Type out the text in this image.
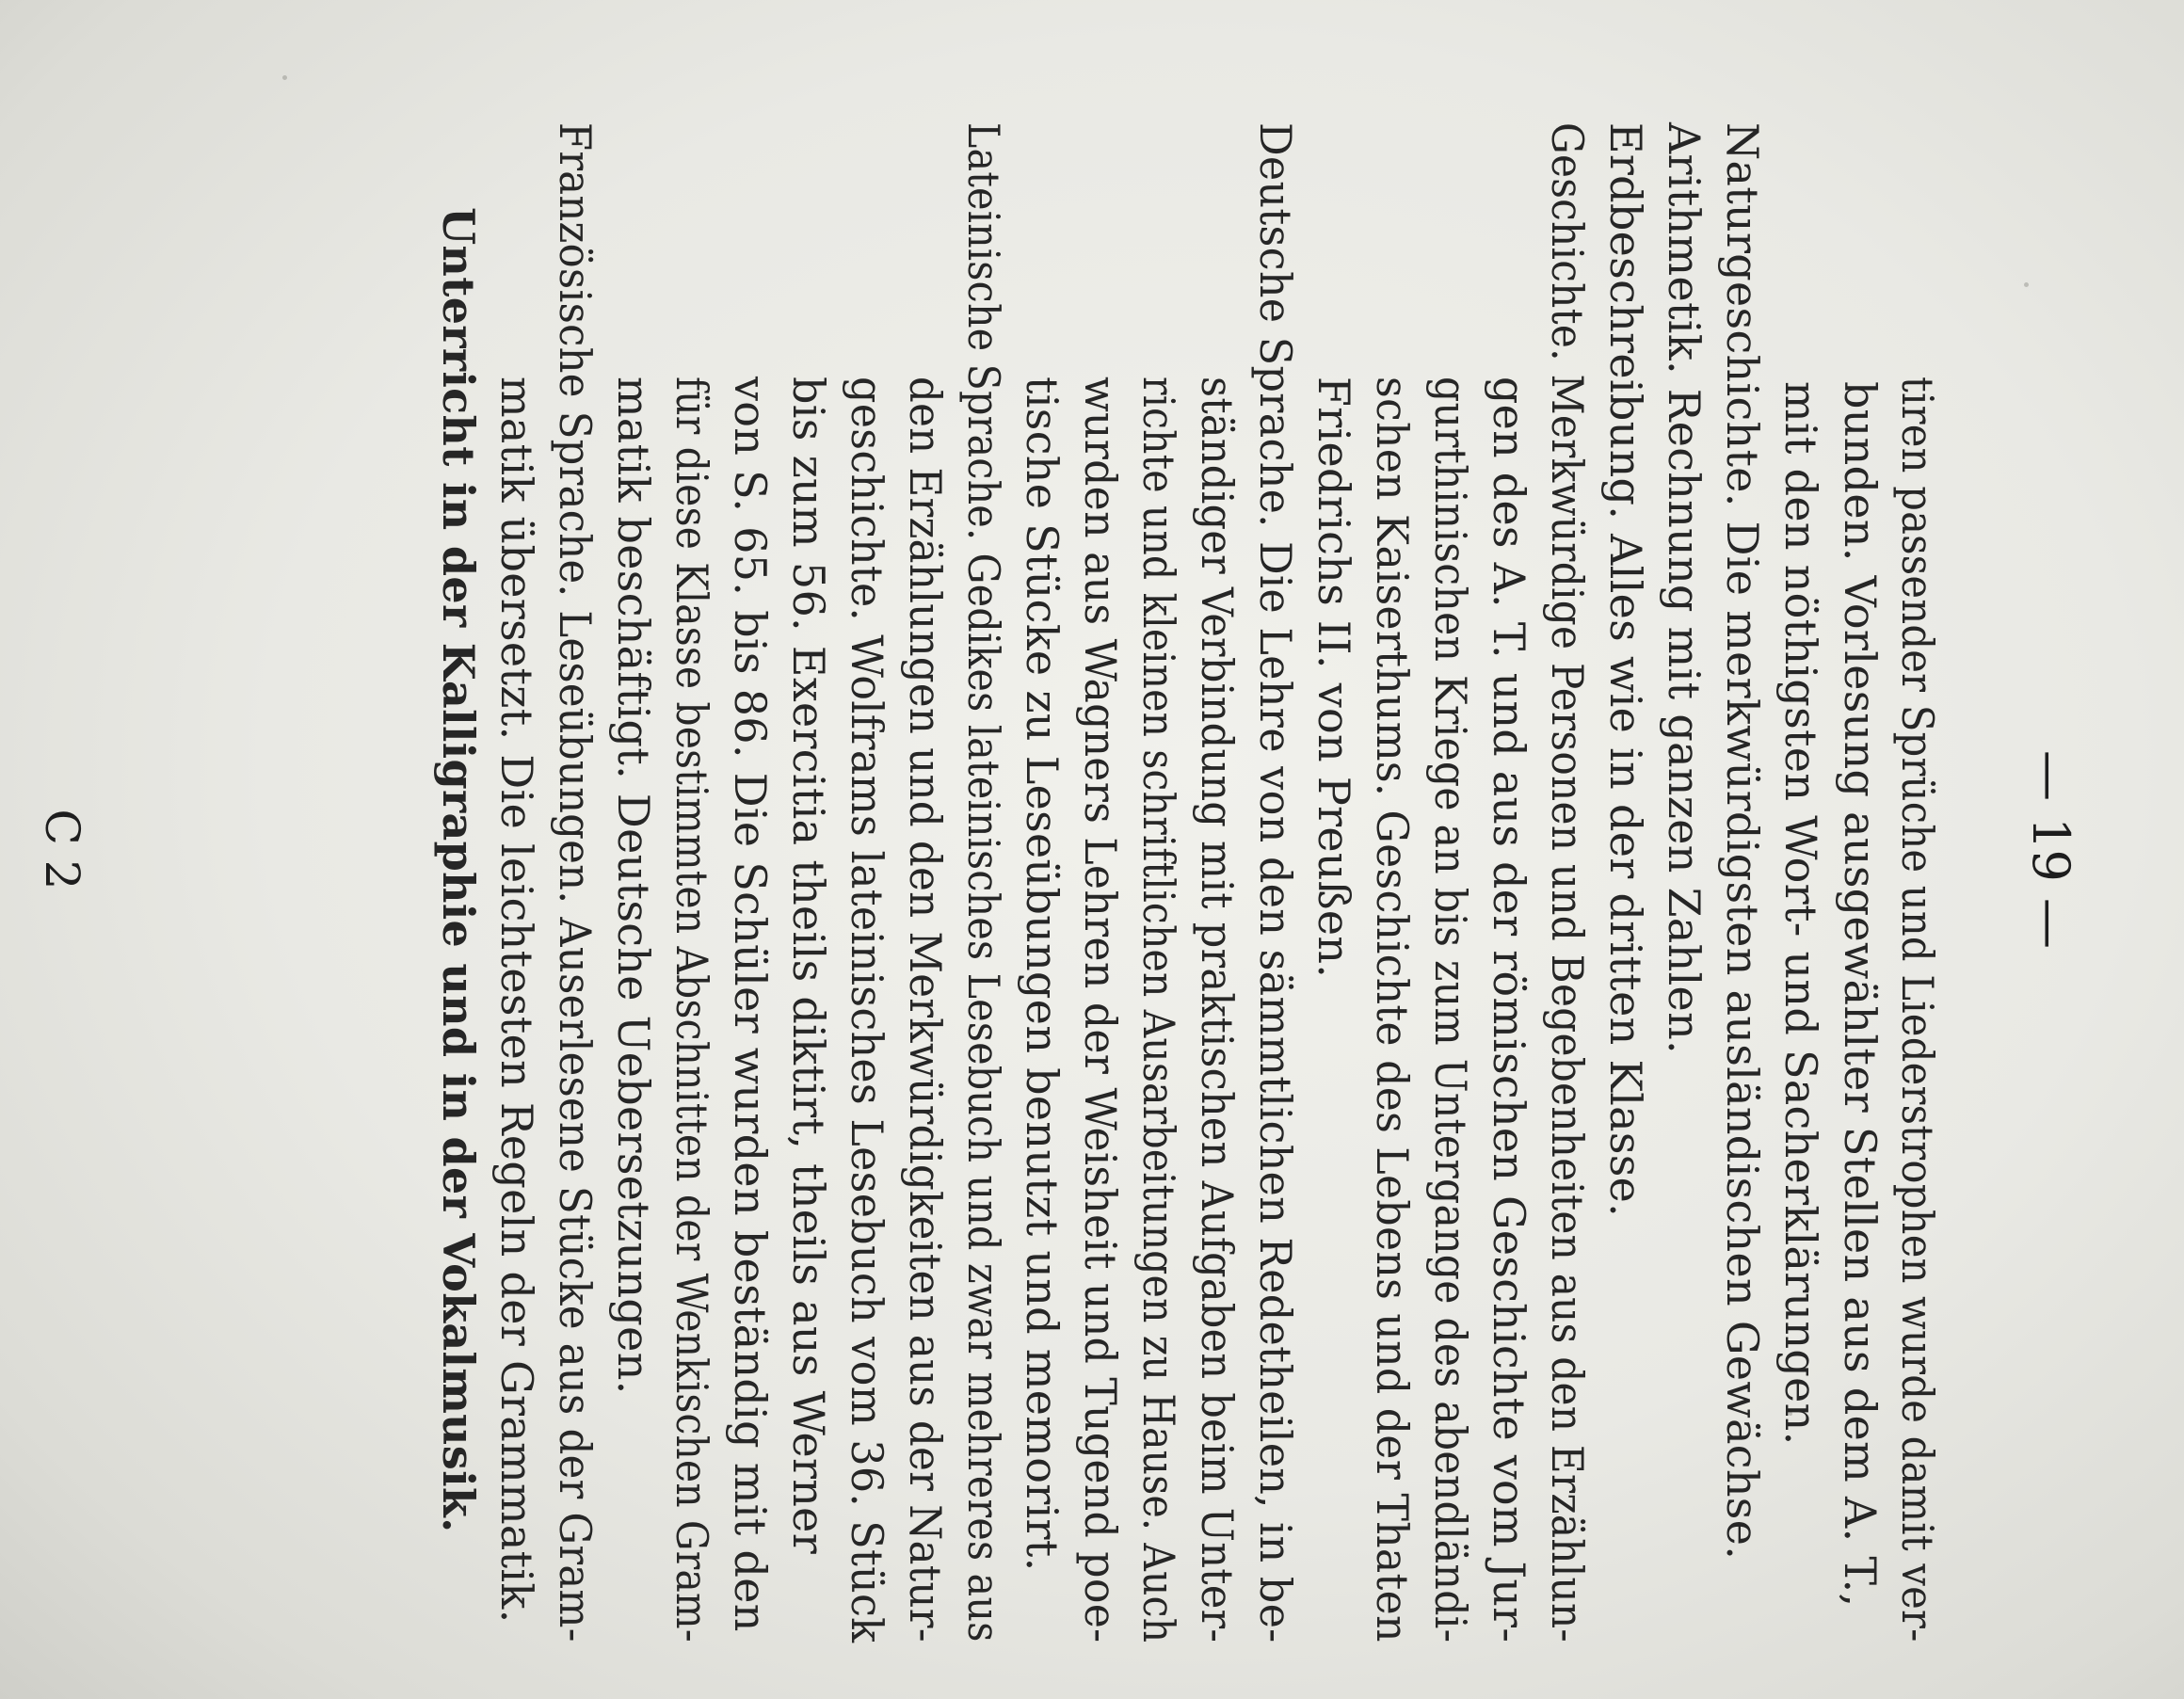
— 19 —

tiren passender Sprüche und Liederstrophen wurde damit ver-

bunden. Vorlesung ausgewählter Stellen aus dem A. T.,

mit den nöthigsten Wort- und Sacherklärungen.

Naturgeschichte. Die merkwürdigsten ausländischen Gewächse.

Arithmetik. Rechnung mit ganzen Zahlen.

Erdbeschreibung. Alles wie in der dritten Klasse.

Geschichte. Merkwürdige Personen und Begebenheiten aus den Erzählun-

gen des A. T. und aus der römischen Geschichte vom Jur-

gurthinischen Kriege an bis zum Untergange des abendländi-

schen Kaiserthums. Geschichte des Lebens und der Thaten

Friedrichs II. von Preußen.

Deutsche Sprache. Die Lehre von den sämmtlichen Redetheilen, in be-

ständiger Verbindung mit praktischen Aufgaben beim Unter-

richte und kleinen schriftlichen Ausarbeitungen zu Hause. Auch

wurden aus Wagners Lehren der Weisheit und Tugend poe-

tische Stücke zu Leseübungen benutzt und memorirt.

Lateinische Sprache. Gedikes lateinisches Lesebuch und zwar mehreres aus

den Erzählungen und den Merkwürdigkeiten aus der Natur-

geschichte. Wolframs lateinisches Lesebuch vom 36. Stück

bis zum 56. Exercitia theils diktirt, theils aus Werner

von S. 65. bis 86. Die Schüler wurden beständig mit den

für diese Klasse bestimmten Abschnitten der Wenkischen Gram-

matik beschäftigt. Deutsche Uebersetzungen.

Französische Sprache. Leseübungen. Auserlesene Stücke aus der Gram-

matik übersetzt. Die leichtesten Regeln der Grammatik.

Unterricht in der Kalligraphie und in der Vokalmusik.

C 2
